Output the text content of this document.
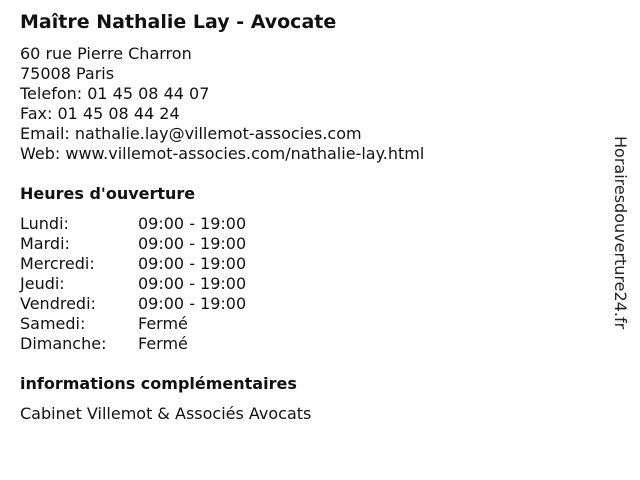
Maître Nathalie Lay - Avocate
60 rue Pierre Charron
75008 Paris
Telefon: 01 45 08 44 07
Fax: 01 45 08 44 24
Email: nathalie.lay@villemot-associes.com
Web: www.villemot-associes.com/nathalie-lay.html
Heures d'ouverture
Lundi:	09:00 - 19:00
Mardi:	09:00 - 19:00
Mercredi:	09:00 - 19:00
Jeudi:	09:00 - 19:00
Vendredi:	09:00 - 19:00
Samedi:	Fermé
Dimanche:	Fermé
informations complémentaires
Cabinet Villemot & Assoсiés Avocats
Horairesdouverture24.fr
